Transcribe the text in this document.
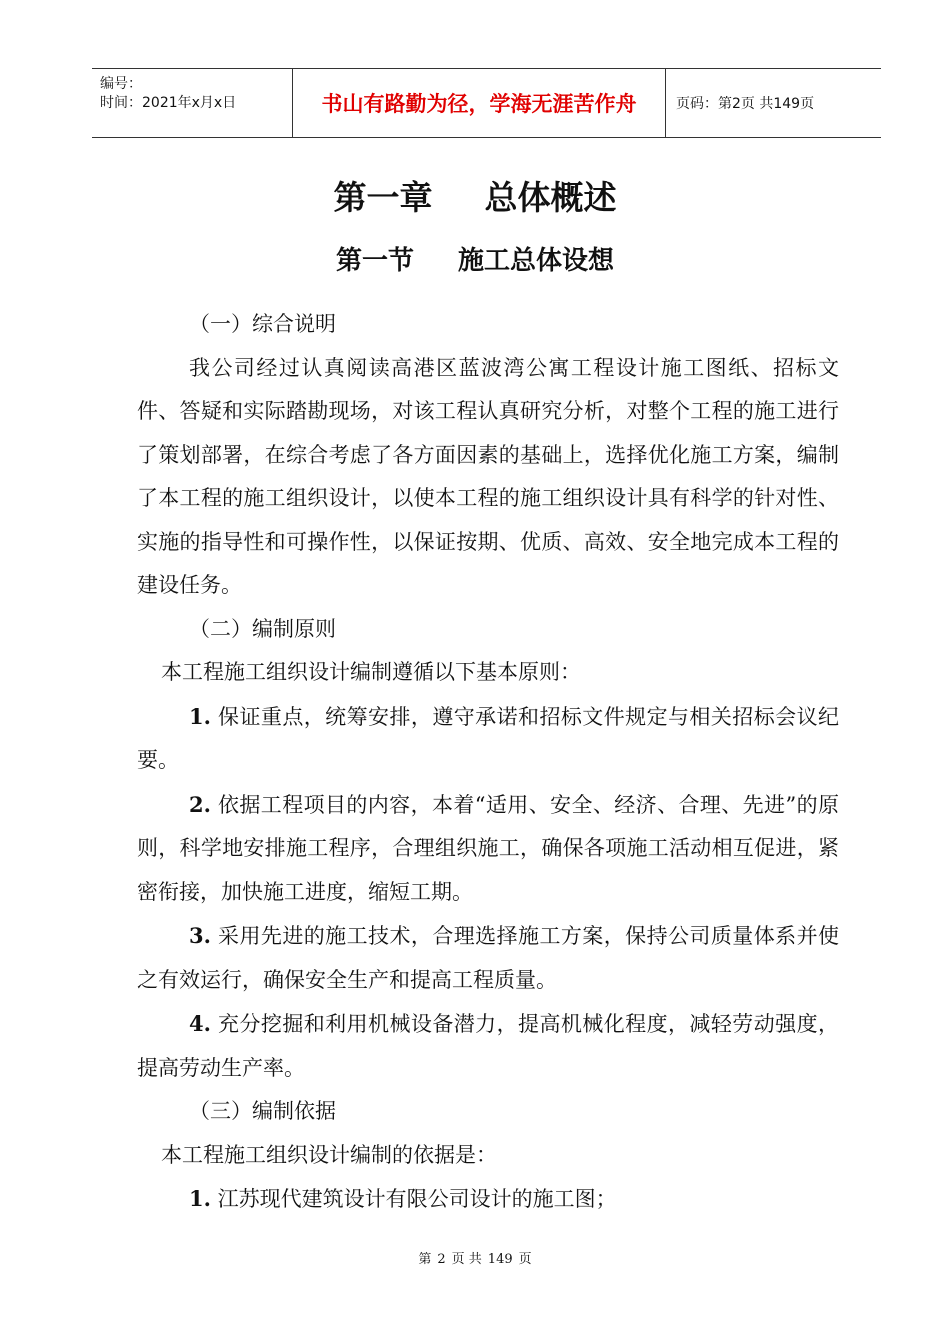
编号：
时间：2021年x月x日	书山有路勤为径，学海无涯苦作舟	页码：第2页 共149页
第一章 总体概述
第一节 施工总体设想

（一）综合说明

我公司经过认真阅读高港区蓝波湾公寓工程设计施工图纸、招标文件、答疑和实际踏勘现场，对该工程认真研究分析，对整个工程的施工进行了策划部署，在综合考虑了各方面因素的基础上，选择优化施工方案，编制了本工程的施工组织设计，以使本工程的施工组织设计具有科学的针对性、实施的指导性和可操作性，以保证按期、优质、高效、安全地完成本工程的建设任务。

（二）编制原则

本工程施工组织设计编制遵循以下基本原则：

1. 保证重点，统筹安排，遵守承诺和招标文件规定与相关招标会议纪要。

2. 依据工程项目的内容，本着“适用、安全、经济、合理、先进”的原则，科学地安排施工程序，合理组织施工，确保各项施工活动相互促进，紧密衔接，加快施工进度，缩短工期。

3. 采用先进的施工技术，合理选择施工方案，保持公司质量体系并使之有效运行，确保安全生产和提高工程质量。

4. 充分挖掘和利用机械设备潜力，提高机械化程度，减轻劳动强度，提高劳动生产率。

（三）编制依据

本工程施工组织设计编制的依据是：

1. 江苏现代建筑设计有限公司设计的施工图；

第 2 页 共 149 页
